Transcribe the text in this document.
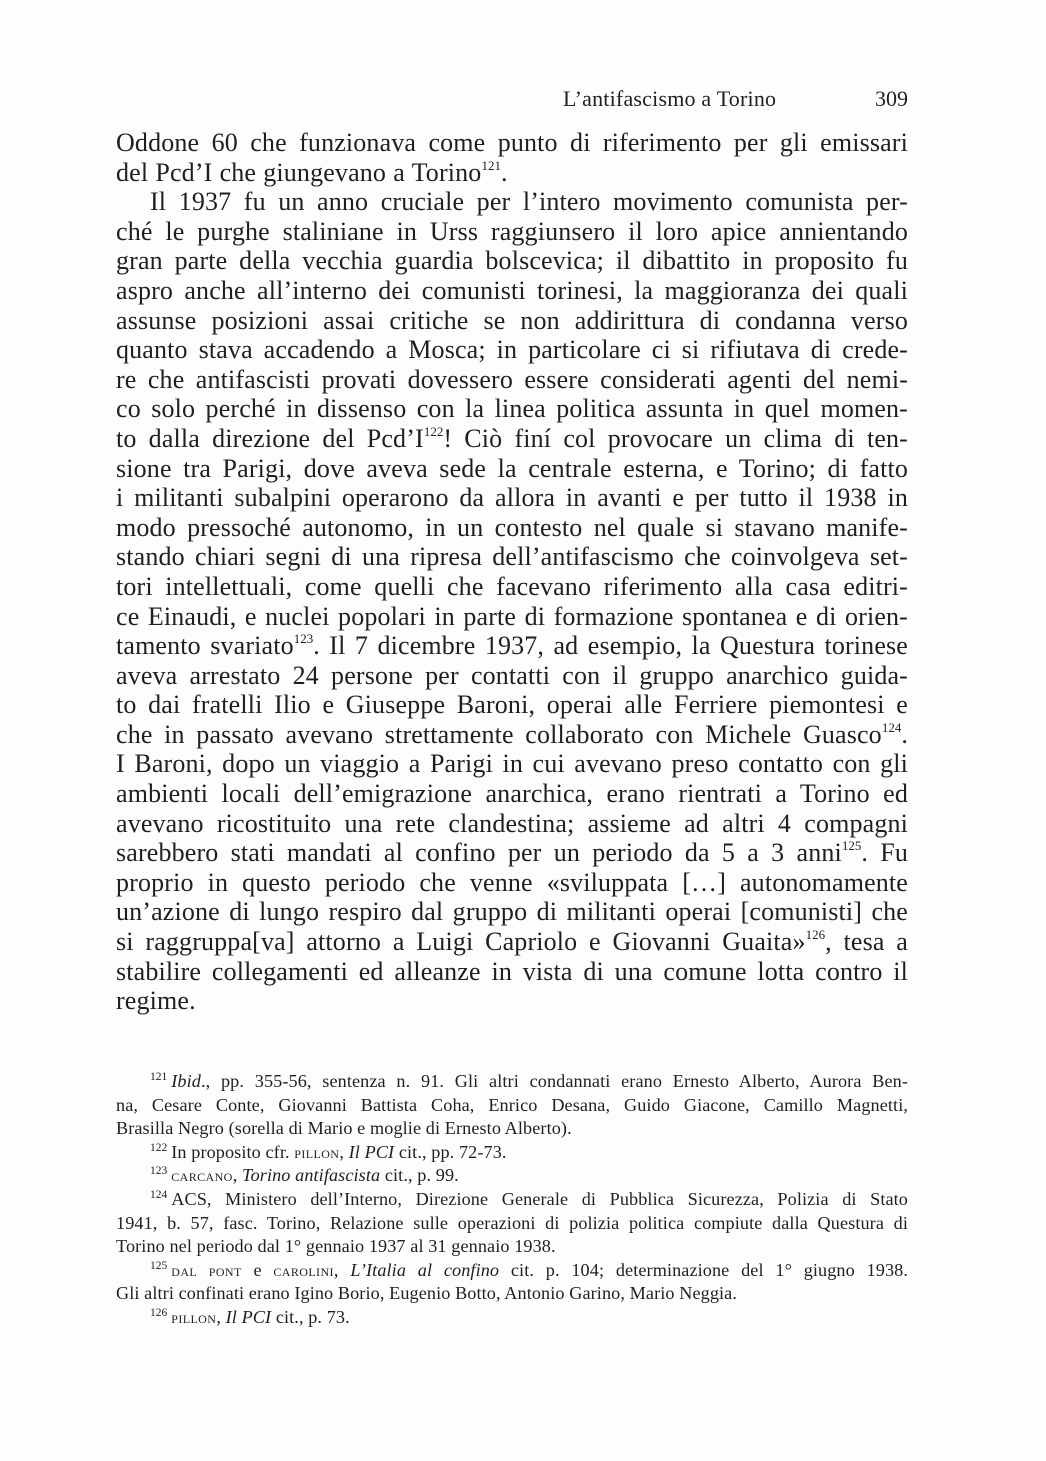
L’antifascismo a Torino	309
Oddone 60 che funzionava come punto di riferimento per gli emissari
del Pcd’I che giungevano a Torino$^{121}$.
Il 1937 fu un anno cruciale per l’intero movimento comunista per-
ché le purghe staliniane in Urss raggiunsero il loro apice annientando
gran parte della vecchia guardia bolscevica; il dibattito in proposito fu
aspro anche all’interno dei comunisti torinesi, la maggioranza dei quali
assunse posizioni assai critiche se non addirittura di condanna verso
quanto stava accadendo a Mosca; in particolare ci si rifiutava di crede-
re che antifascisti provati dovessero essere considerati agenti del nemi-
co solo perché in dissenso con la linea politica assunta in quel momen-
to dalla direzione del Pcd’I$^{122}$! Ciò finí col provocare un clima di ten-
sione tra Parigi, dove aveva sede la centrale esterna, e Torino; di fatto
i militanti subalpini operarono da allora in avanti e per tutto il 1938 in
modo pressoché autonomo, in un contesto nel quale si stavano manife-
stando chiari segni di una ripresa dell’antifascismo che coinvolgeva set-
tori intellettuali, come quelli che facevano riferimento alla casa editri-
ce Einaudi, e nuclei popolari in parte di formazione spontanea e di orien-
tamento svariato$^{123}$. Il 7 dicembre 1937, ad esempio, la Questura torinese
aveva arrestato 24 persone per contatti con il gruppo anarchico guida-
to dai fratelli Ilio e Giuseppe Baroni, operai alle Ferriere piemontesi e
che in passato avevano strettamente collaborato con Michele Guasco$^{124}$.
I Baroni, dopo un viaggio a Parigi in cui avevano preso contatto con gli
ambienti locali dell’emigrazione anarchica, erano rientrati a Torino ed
avevano ricostituito una rete clandestina; assieme ad altri 4 compagni
sarebbero stati mandati al confino per un periodo da 5 a 3 anni$^{125}$. Fu
proprio in questo periodo che venne «sviluppata […] autonomamente
un’azione di lungo respiro dal gruppo di militanti operai [comunisti] che
si raggruppa[va] attorno a Luigi Capriolo e Giovanni Guaita»$^{126}$, tesa a
stabilire collegamenti ed alleanze in vista di una comune lotta contro il
regime.
$^{121}$ Ibid., pp. 355-56, sentenza n. 91. Gli altri condannati erano Ernesto Alberto, Aurora Ben-
na, Cesare Conte, Giovanni Battista Coha, Enrico Desana, Guido Giacone, Camillo Magnetti,
Brasilla Negro (sorella di Mario e moglie di Ernesto Alberto).
$^{122}$ In proposito cfr. pillon, Il PCI cit., pp. 72-73.
$^{123}$ carcano, Torino antifascista cit., p. 99.
$^{124}$ ACS, Ministero dell’Interno, Direzione Generale di Pubblica Sicurezza, Polizia di Stato
1941, b. 57, fasc. Torino, Relazione sulle operazioni di polizia politica compiute dalla Questura di
Torino nel periodo dal 1° gennaio 1937 al 31 gennaio 1938.
$^{125}$ dal pont e carolini, L’Italia al confino cit. p. 104; determinazione del 1° giugno 1938.
Gli altri confinati erano Igino Borio, Eugenio Botto, Antonio Garino, Mario Neggia.
$^{126}$ pillon, Il PCI cit., p. 73.
